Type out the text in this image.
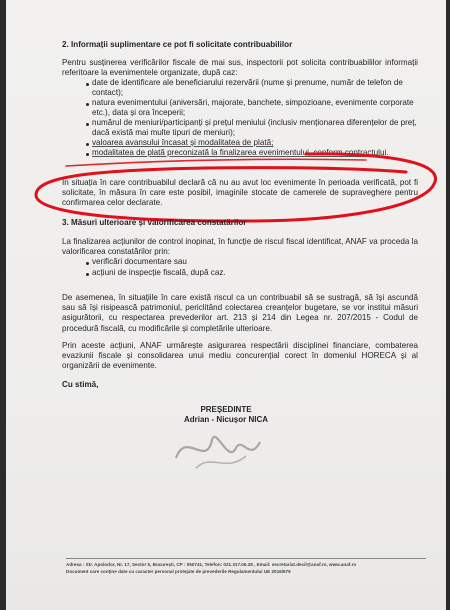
2. Informații suplimentare ce pot fi solicitate contribuabililor
Pentru susținerea verificărilor fiscale de mai sus, inspectorii pot solicita contribuabililor informații referitoare la evenimentele organizate, după caz:
date de identificare ale beneficiarului rezervării (nume și prenume, număr de telefon de contact);
natura evenimentului (aniversări, majorate, banchete, simpozioane, evenimente corporate etc.), data și ora începerii;
numărul de meniuri/participanți și prețul meniului (inclusiv menționarea diferențelor de preț, dacă există mai multe tipuri de meniuri);
valoarea avansului încasat și modalitatea de plată;
modalitatea de plată preconizată la finalizarea evenimentului, conform contractului.
În situația în care contribuabilul declară că nu au avut loc evenimente în perioada verificată, pot fi solicitate, în măsura în care este posibil, imaginile stocate de camerele de supraveghere pentru confirmarea celor declarate.
3. Măsuri ulterioare și valorificarea constatărilor
La finalizarea acțiunilor de control inopinat, în funcție de riscul fiscal identificat, ANAF va proceda la valorificarea constatărilor prin:
verificări documentare sau
acțiuni de inspecție fiscală, după caz.
De asemenea, în situațiile în care există riscul ca un contribuabil să se sustragă, să își ascundă sau să își risipească patrimoniul, periclitând colectarea creanțelor bugetare, se vor institui măsuri asigurătorii, cu respectarea prevederilor art. 213 și 214 din Legea nr. 207/2015 - Codul de procedură fiscală, cu modificările și completările ulterioare.
Prin aceste acțiuni, ANAF urmărește asigurarea respectării disciplinei financiare, combaterea evaziunii fiscale și consolidarea unui mediu concurențial corect în domeniul HORECA și al organizării de evenimente.
Cu stimă,
PREȘEDINTE
Adrian - Nicușor NICA
Adresa : Str. Apolodor, Nr. 17, Sector 5, București, CP : 050741, Telefon: 021.317.06.28 , Email: secretariat.decil@anaf.ro, www.anaf.ro
Document care conține date cu caracter personal protejate de prevederile Regulamentului UE 2016/679
